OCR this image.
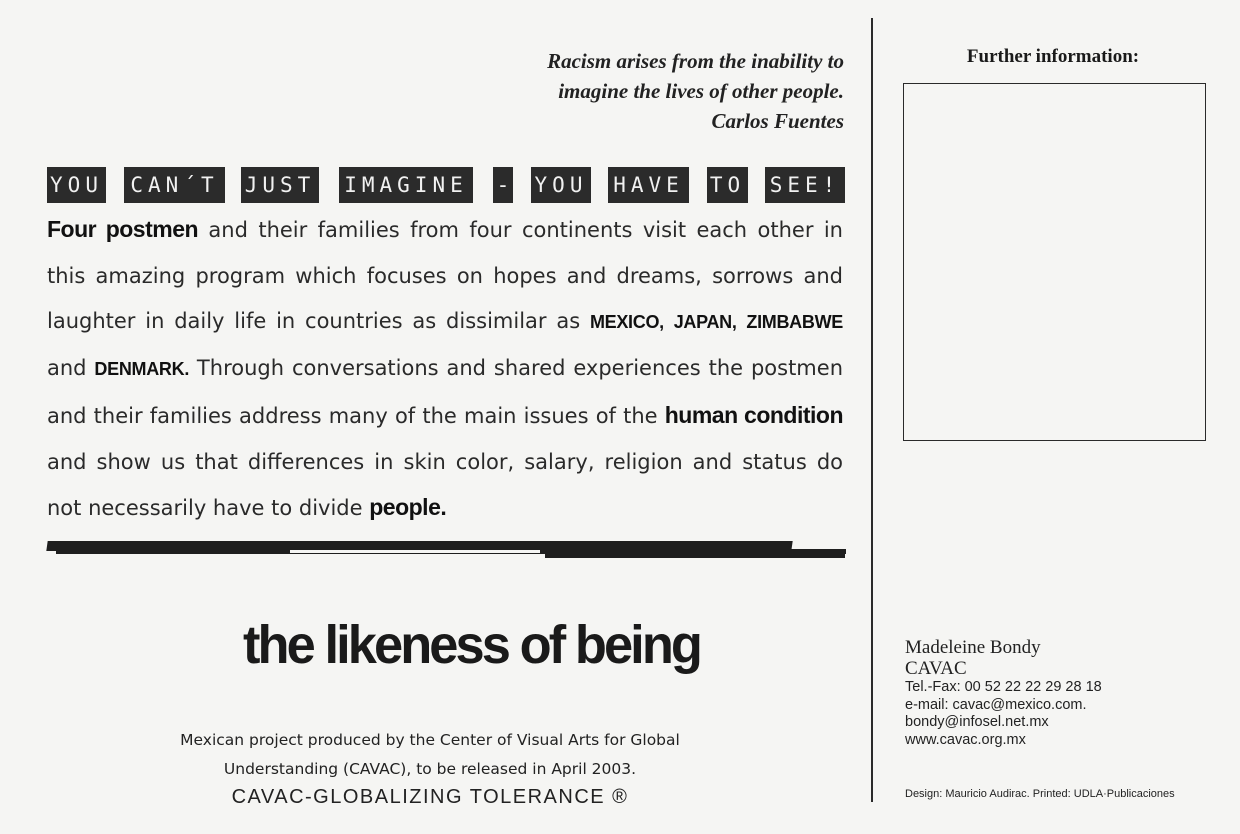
Racism arises from the inability to
imagine the lives of other people.
Carlos Fuentes
YOU	CAN´T	JUST IMAGINE - YOU HAVE TO SEE!
Four postmen and their families from four continents visit each other in this amazing program which focuses on hopes and dreams, sorrows and laughter in daily life in countries as dissimilar as MEXICO, JAPAN, ZIMBABWE and DENMARK. Through conversations and shared experiences the postmen and their families address many of the main issues of the human condition and show us that differences in skin color, salary, religion and status do not necessarily have to divide people.
the likeness of being
Mexican project produced by the Center of Visual Arts for Global
Understanding (CAVAC), to be released in April 2003.
CAVAC-GLOBALIZING TOLERANCE ®
Further information:
Madeleine Bondy
CAVAC
Tel.-Fax: 00 52 22 22 29 28 18
e-mail: cavac@mexico.com.
bondy@infosel.net.mx
www.cavac.org.mx
Design: Mauricio Audirac. Printed: UDLA·Publicaciones
